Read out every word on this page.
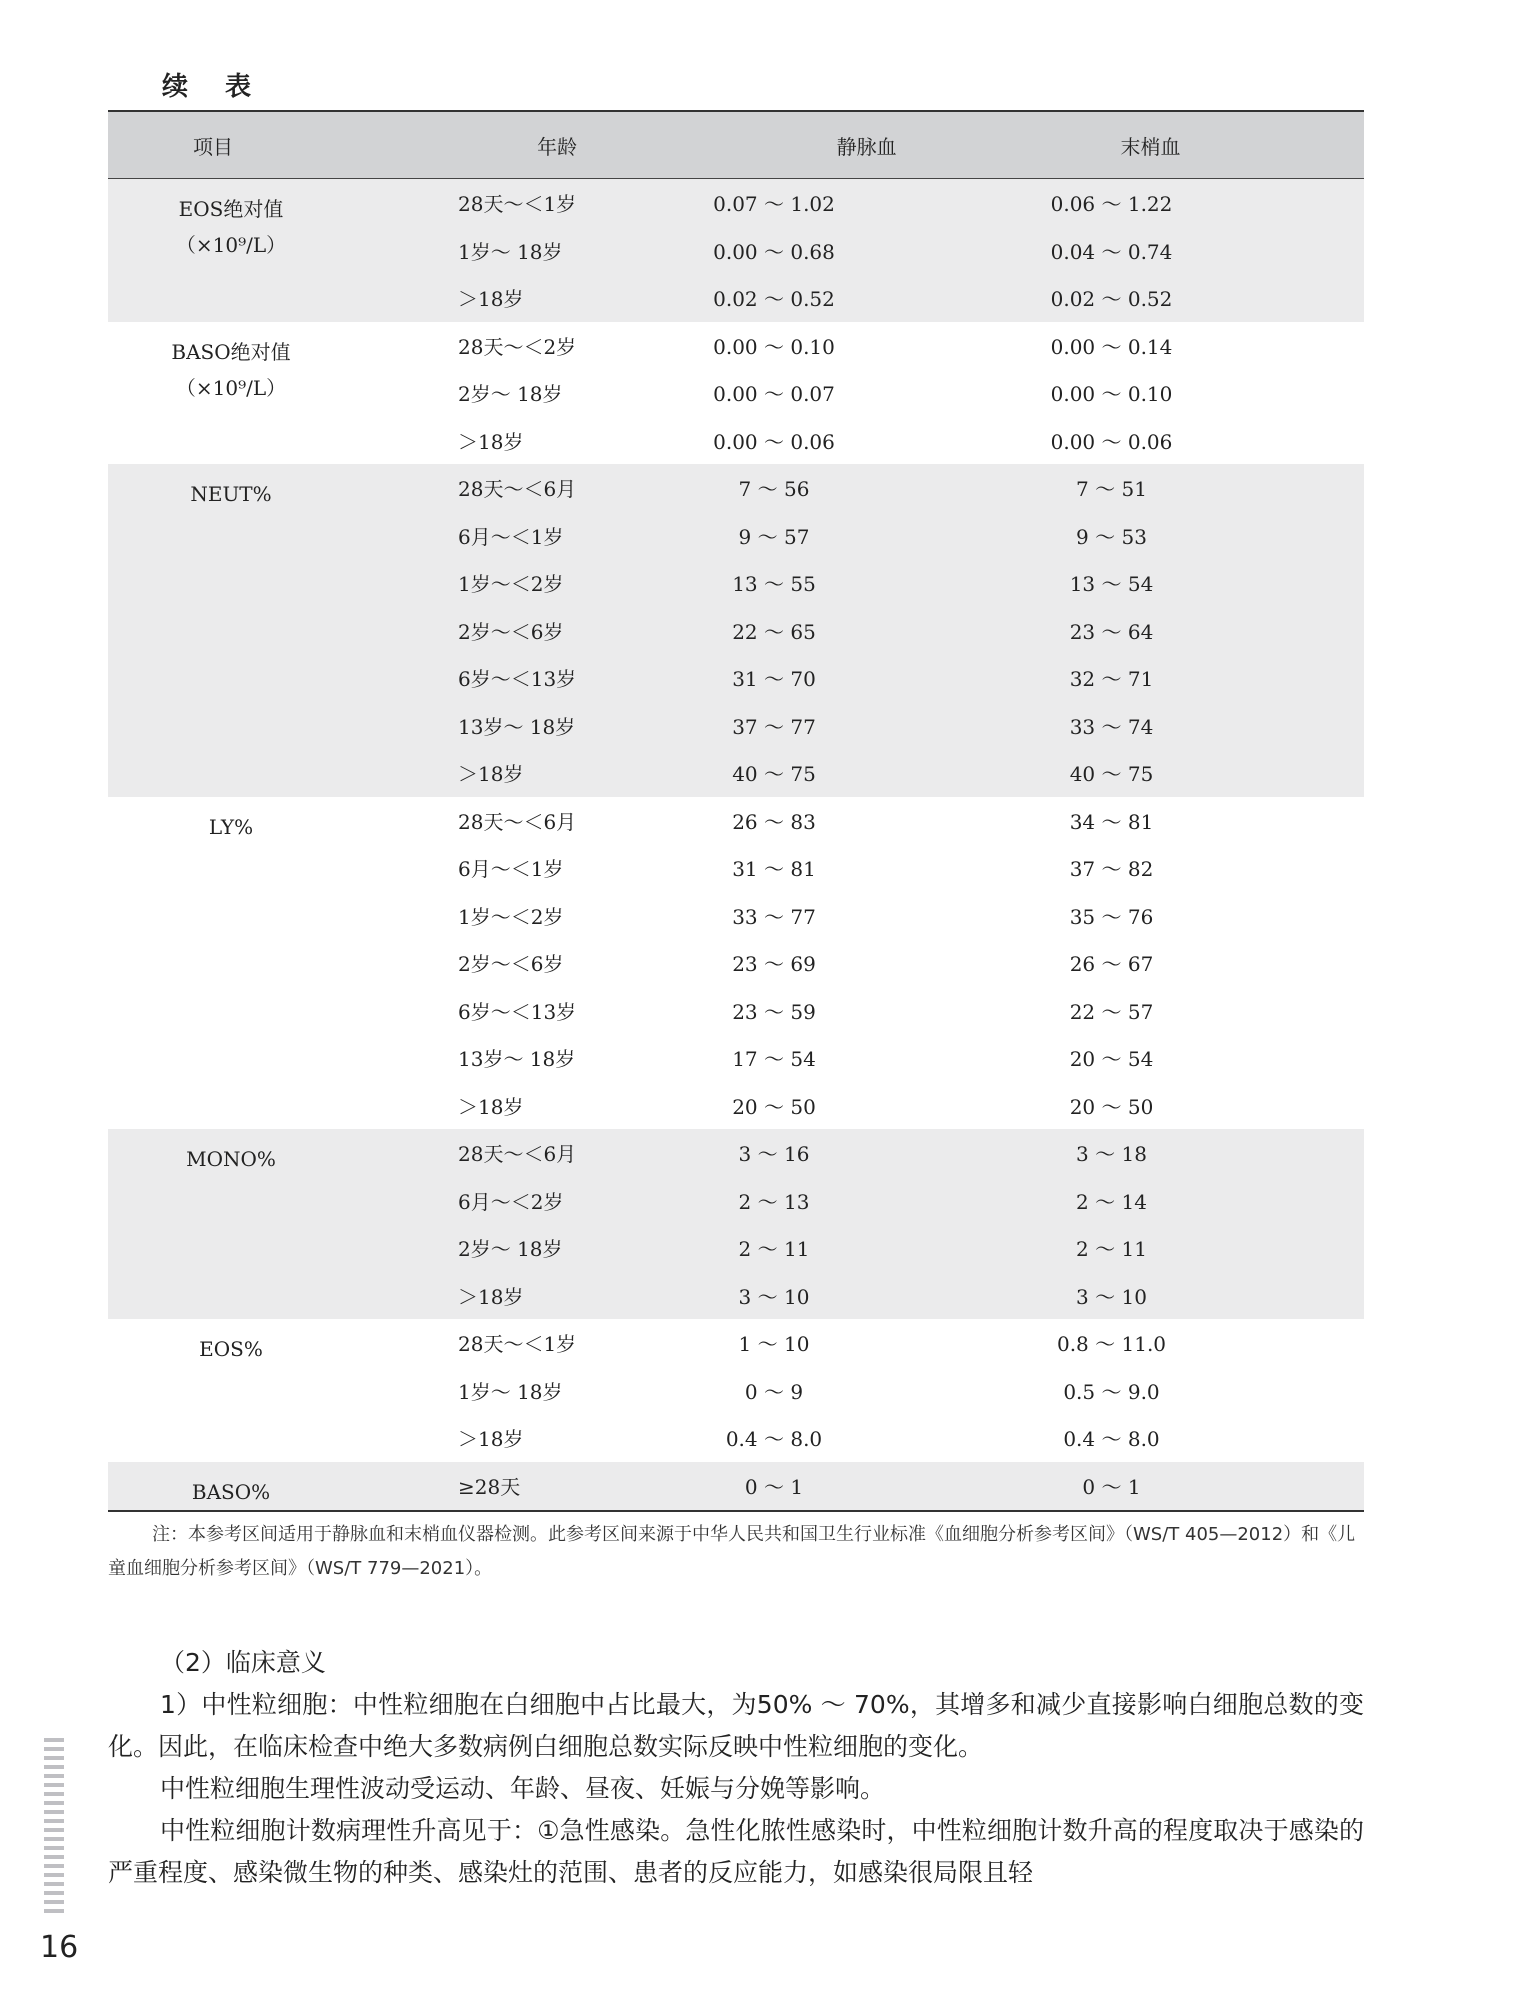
续 表
项目	年龄	静脉血	末梢血
EOS绝对值
（×10⁹/L）
28天～＜1岁	0.07 ～ 1.02	0.06 ～ 1.22
1岁～ 18岁	0.00 ～ 0.68	0.04 ～ 0.74
＞18岁	0.02 ～ 0.52	0.02 ～ 0.52
BASO绝对值
（×10⁹/L）
28天～＜2岁	0.00 ～ 0.10	0.00 ～ 0.14
2岁～ 18岁	0.00 ～ 0.07	0.00 ～ 0.10
＞18岁	0.00 ～ 0.06	0.00 ～ 0.06
NEUT%	28天～＜6月	7 ～ 56	7 ～ 51
6月～＜1岁	9 ～ 57	9 ～ 53
1岁～＜2岁	13 ～ 55	13 ～ 54
2岁～＜6岁	22 ～ 65	23 ～ 64
6岁～＜13岁	31 ～ 70	32 ～ 71
13岁～ 18岁	37 ～ 77	33 ～ 74
＞18岁	40 ～ 75	40 ～ 75
LY%	28天～＜6月	26 ～ 83	34 ～ 81
6月～＜1岁	31 ～ 81	37 ～ 82
1岁～＜2岁	33 ～ 77	35 ～ 76
2岁～＜6岁	23 ～ 69	26 ～ 67
6岁～＜13岁	23 ～ 59	22 ～ 57
13岁～ 18岁	17 ～ 54	20 ～ 54
＞18岁	20 ～ 50	20 ～ 50
MONO%	28天～＜6月	3 ～ 16	3 ～ 18
6月～＜2岁	2 ～ 13	2 ～ 14
2岁～ 18岁	2 ～ 11	2 ～ 11
＞18岁	3 ～ 10	3 ～ 10
EOS%	28天～＜1岁	1 ～ 10	0.8 ～ 11.0
1岁～ 18岁	0 ～ 9	0.5 ～ 9.0
＞18岁	0.4 ～ 8.0	0.4 ～ 8.0
BASO%	≥28天	0 ～ 1	0 ～ 1
注：本参考区间适用于静脉血和末梢血仪器检测。此参考区间来源于中华人民共和国卫生行业标准《血细胞分析参考区间》（WS/T 405—2012）和《儿童血细胞分析参考区间》（WS/T 779—2021）。

（2）临床意义

1）中性粒细胞：中性粒细胞在白细胞中占比最大，为50% ～ 70%，其增多和减少直接影响白细胞总数的变化。因此，在临床检查中绝大多数病例白细胞总数实际反映中性粒细胞的变化。

中性粒细胞生理性波动受运动、年龄、昼夜、妊娠与分娩等影响。

中性粒细胞计数病理性升高见于：①急性感染。急性化脓性感染时，中性粒细胞计数升高的程度取决于感染的严重程度、感染微生物的种类、感染灶的范围、患者的反应能力，如感染很局限且轻

16
